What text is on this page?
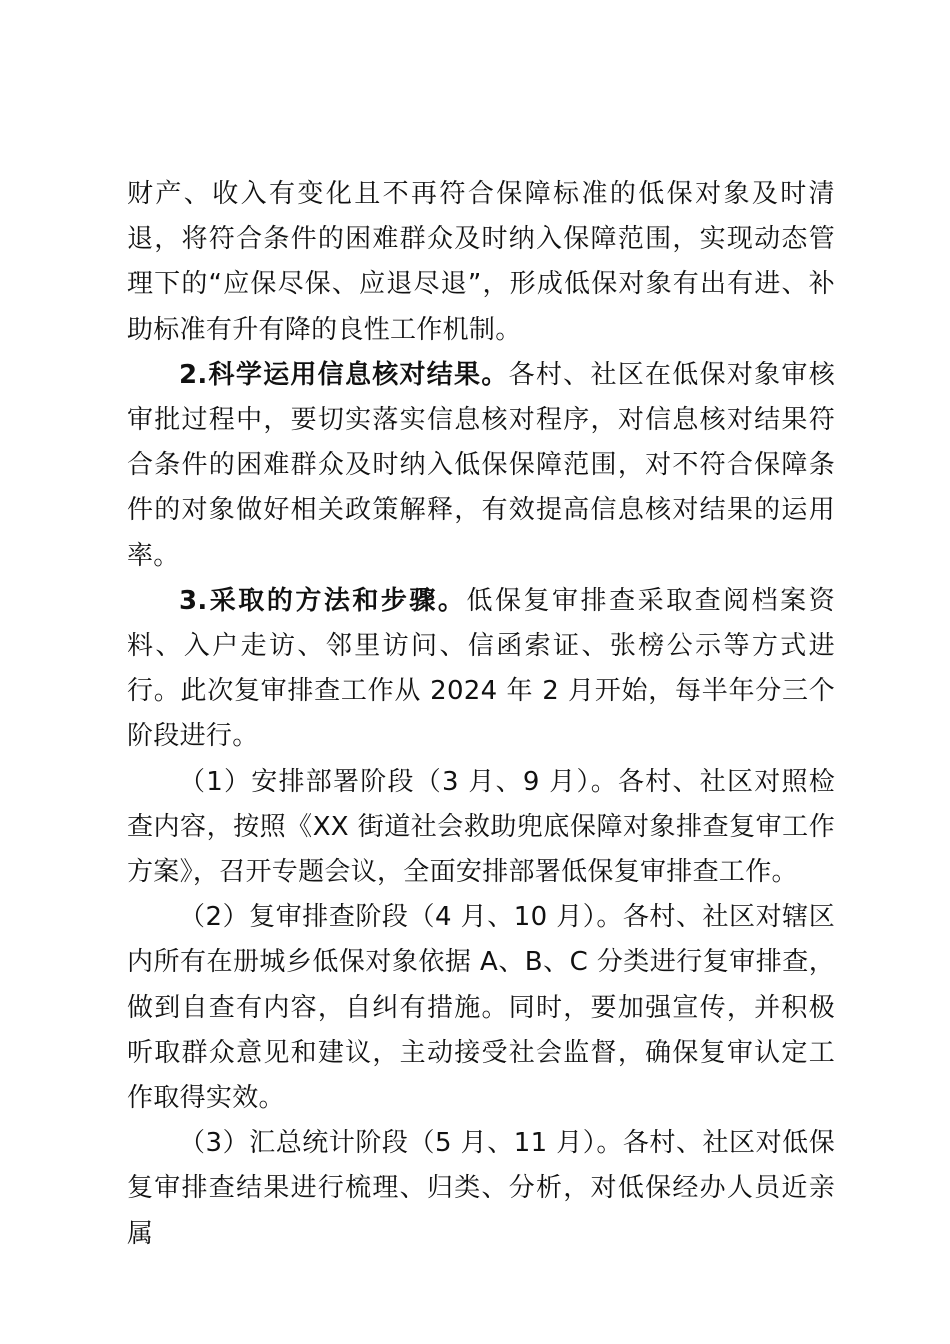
财产、收入有变化且不再符合保障标准的低保对象及时清退，将符合条件的困难群众及时纳入保障范围，实现动态管理下的“应保尽保、应退尽退”，形成低保对象有出有进、补助标准有升有降的良性工作机制。

2.科学运用信息核对结果。各村、社区在低保对象审核审批过程中，要切实落实信息核对程序，对信息核对结果符合条件的困难群众及时纳入低保保障范围，对不符合保障条件的对象做好相关政策解释，有效提高信息核对结果的运用率。

3.采取的方法和步骤。低保复审排查采取查阅档案资料、入户走访、邻里访问、信函索证、张榜公示等方式进行。此次复审排查工作从 2024 年 2 月开始，每半年分三个阶段进行。

（1）安排部署阶段（3 月、9 月）。各村、社区对照检查内容，按照《XX 街道社会救助兜底保障对象排查复审工作方案》，召开专题会议，全面安排部署低保复审排查工作。

（2）复审排查阶段（4 月、10 月）。各村、社区对辖区内所有在册城乡低保对象依据 A、B、C 分类进行复审排查，做到自查有内容，自纠有措施。同时，要加强宣传，并积极听取群众意见和建议，主动接受社会监督，确保复审认定工作取得实效。

（3）汇总统计阶段（5 月、11 月）。各村、社区对低保复审排查结果进行梳理、归类、分析，对低保经办人员近亲属
